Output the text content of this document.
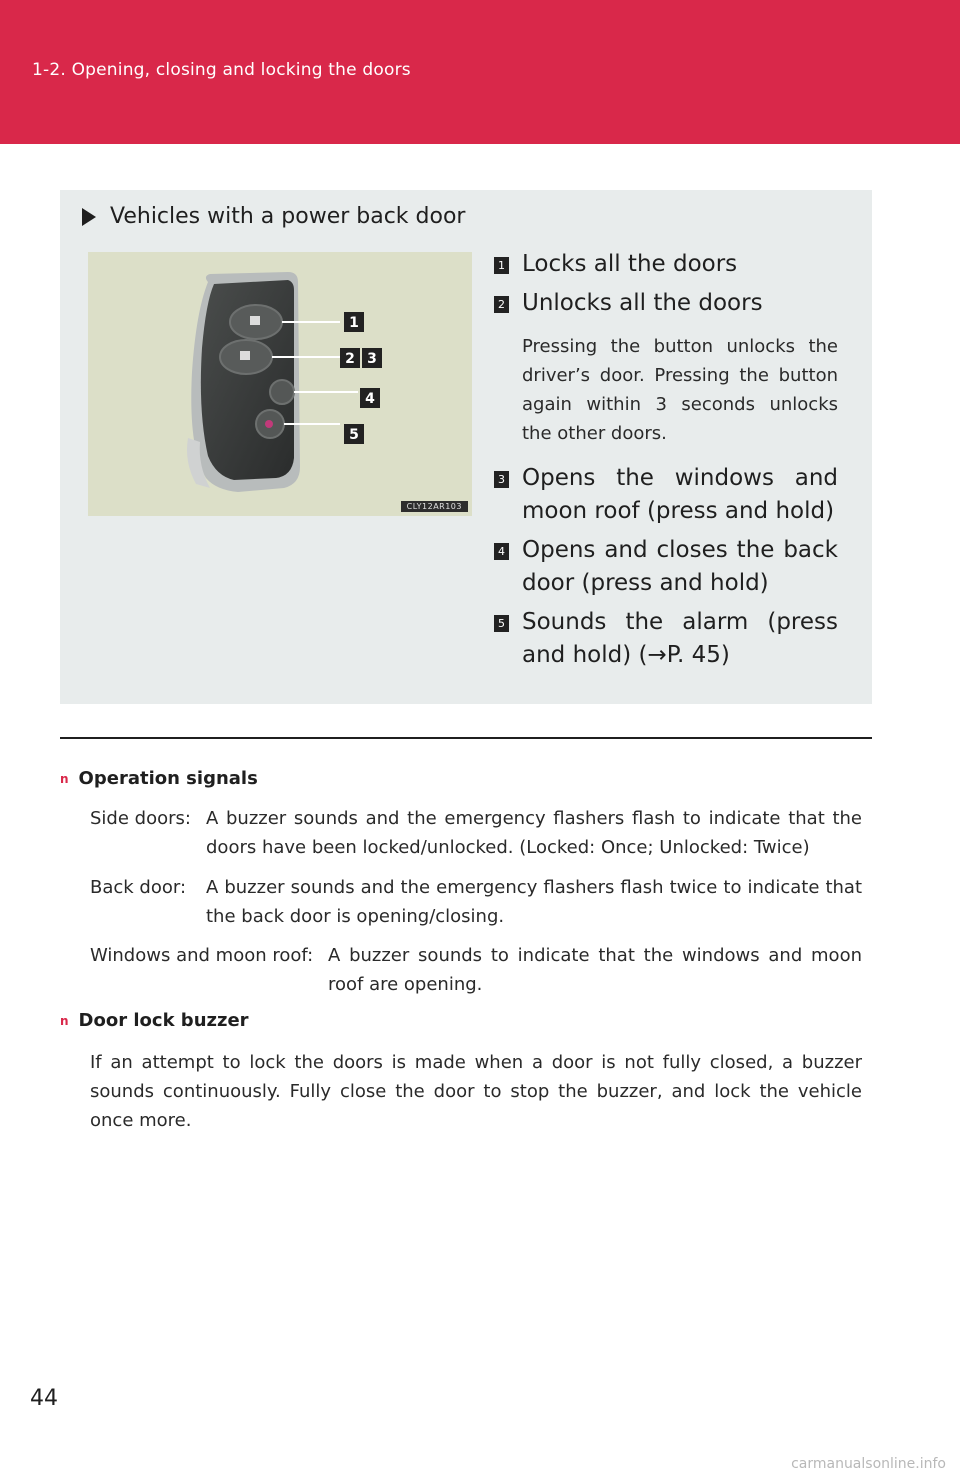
1-2. Opening, closing and locking the doors
Vehicles with a power back door
1
2 3
4
5
CLY12AR103
1 Locks all the doors
2 Unlocks all the doors
Pressing the button unlocks the driver’s door. Pressing the button again within 3 seconds unlocks the other doors.
3 Opens the windows and moon roof (press and hold)
4 Opens and closes the back door (press and hold)
5 Sounds the alarm (press and hold) (→P. 45)
n Operation signals
Side doors: A buzzer sounds and the emergency flashers flash to indicate that the doors have been locked/unlocked. (Locked: Once; Unlocked: Twice)
Back door: A buzzer sounds and the emergency flashers flash twice to indicate that the back door is opening/closing.
Windows and moon roof: A buzzer sounds to indicate that the windows and moon roof are opening.
n Door lock buzzer
If an attempt to lock the doors is made when a door is not fully closed, a buzzer sounds continuously. Fully close the door to stop the buzzer, and lock the vehicle once more.
44
carmanualsonline.info
